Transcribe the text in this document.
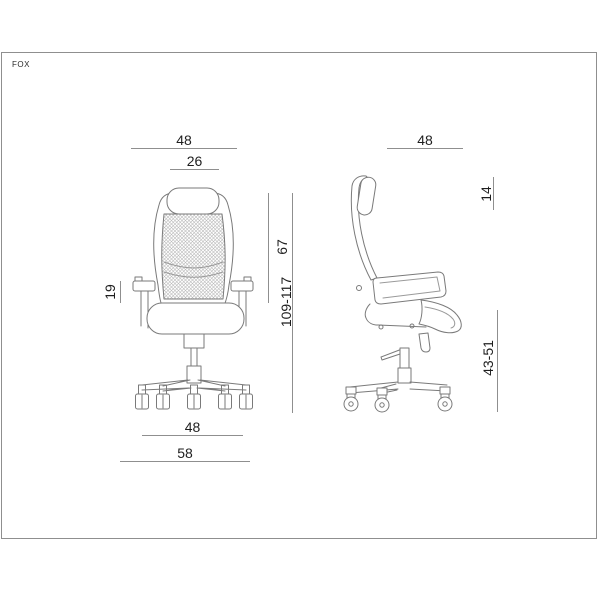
FOX
48
26
67
109-117
19
48
58
48
14
43-51
